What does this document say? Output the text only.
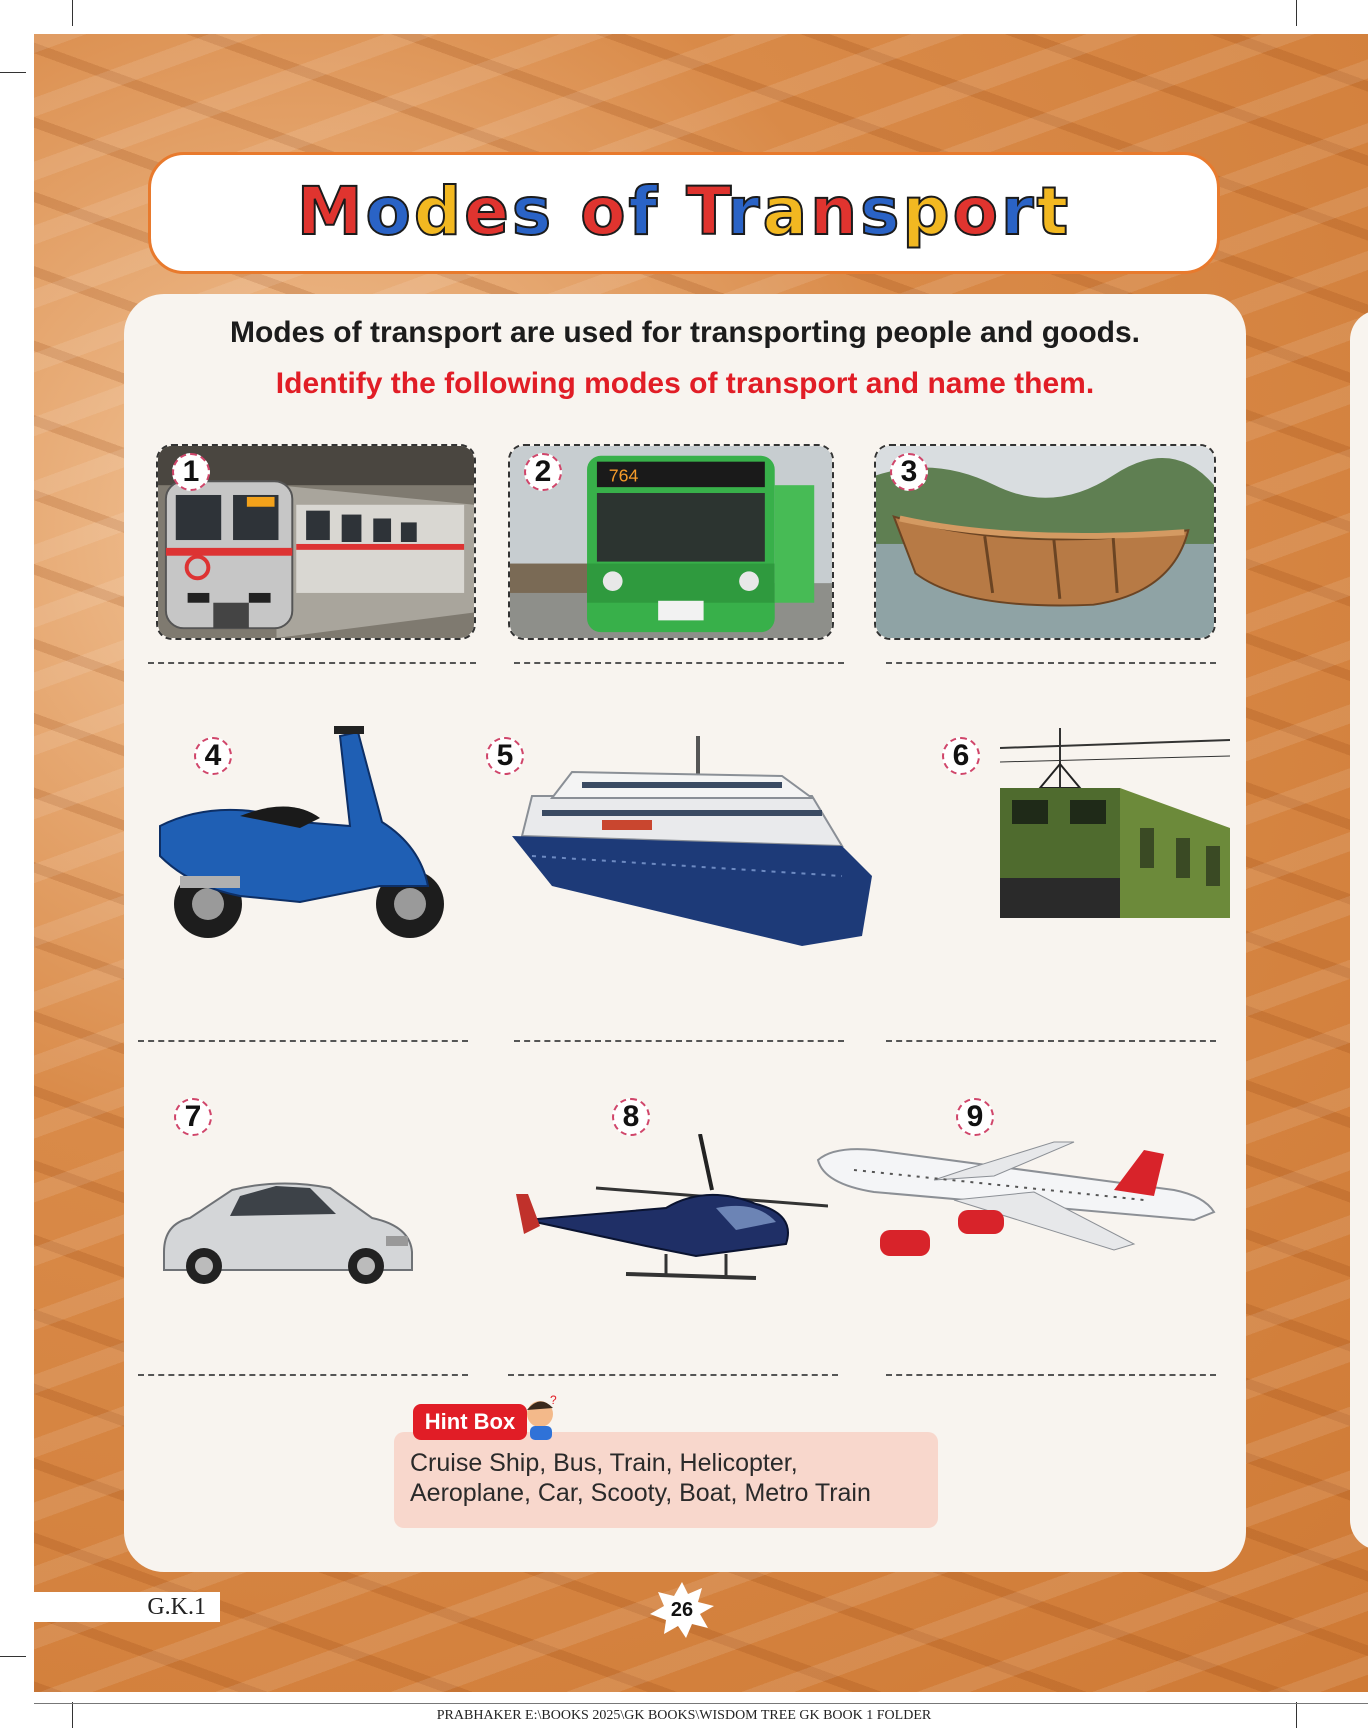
Modes of Transport
Modes of transport are used for transporting people and goods.
Identify the following modes of transport and name them.
1	764
2	3
4	5	6
7	8	9
Cruise Ship, Bus, Train, Helicopter,
Aeroplane, Car, Scooty, Boat, Metro Train
Hint Box
?
G.K.1	26
PRABHAKER E:\BOOKS 2025\GK BOOKS\WISDOM TREE GK BOOK 1 FOLDER
